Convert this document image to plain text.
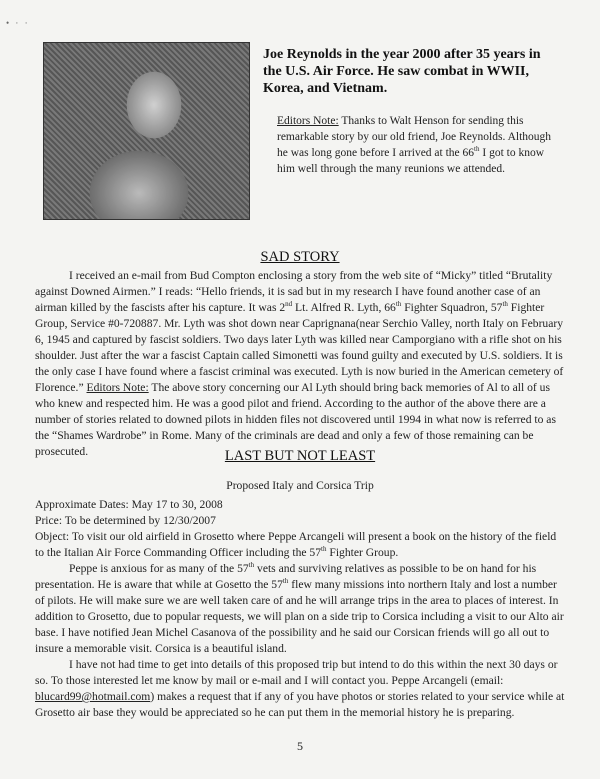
• · ·
Joe Reynolds in the year 2000 after 35 years in the U.S. Air Force. He saw combat in WWII, Korea, and Vietnam.
Editors Note: Thanks to Walt Henson for sending this remarkable story by our old friend, Joe Reynolds. Although he was long gone before I arrived at the 66th I got to know him well through the many reunions we attended.
SAD STORY
I received an e-mail from Bud Compton enclosing a story from the web site of “Micky” titled “Brutality against Downed Airmen.” I reads: “Hello friends, it is sad but in my research I have found another case of an airman killed by the fascists after his capture. It was 2nd Lt. Alfred R. Lyth, 66th Fighter Squadron, 57th Fighter Group, Service #0-720887. Mr. Lyth was shot down near Caprignana(near Serchio Valley, north Italy on February 6, 1945 and captured by fascist soldiers. Two days later Lyth was killed near Camporgiano with a rifle shot on his shoulder. Just after the war a fascist Captain called Simonetti was found guilty and executed by U.S. soldiers. It is the only case I have found where a fascist criminal was executed. Lyth is now buried in the American cemetery of Florence.” Editors Note: The above story concerning our Al Lyth should bring back memories of Al to all of us who knew and respected him. He was a good pilot and friend. According to the author of the above there are a number of stories related to downed pilots in hidden files not discovered until 1994 in what now is referred to as the “Shames Wardrobe” in Rome. Many of the criminals are dead and only a few of those remaining can be prosecuted.	LAST BUT NOT LEAST
Proposed Italy and Corsica Trip

Approximate Dates: May 17 to 30, 2008

Price: To be determined by 12/30/2007

Object: To visit our old airfield in Grosetto where Peppe Arcangeli will present a book on the history of the field to the Italian Air Force Commanding Officer including the 57th Fighter Group.

Peppe is anxious for as many of the 57th vets and surviving relatives as possible to be on hand for his presentation. He is aware that while at Gosetto the 57th flew many missions into northern Italy and lost a number of pilots. He will make sure we are well taken care of and he will arrange trips in the area to places of interest. In addition to Grosetto, due to popular requests, we will plan on a side trip to Corsica including a visit to our Alto air base. I have notified Jean Michel Casanova of the possibility and he said our Corsican friends will go all out to insure a memorable visit. Corsica is a beautiful island.

I have not had time to get into details of this proposed trip but intend to do this within the next 30 days or so. To those interested let me know by mail or e-mail and I will contact you. Peppe Arcangeli (email: blucard99@hotmail.com) makes a request that if any of you have photos or stories related to your service while at Grosetto air base they would be appreciated so he can put them in the memorial history he is preparing.

5
